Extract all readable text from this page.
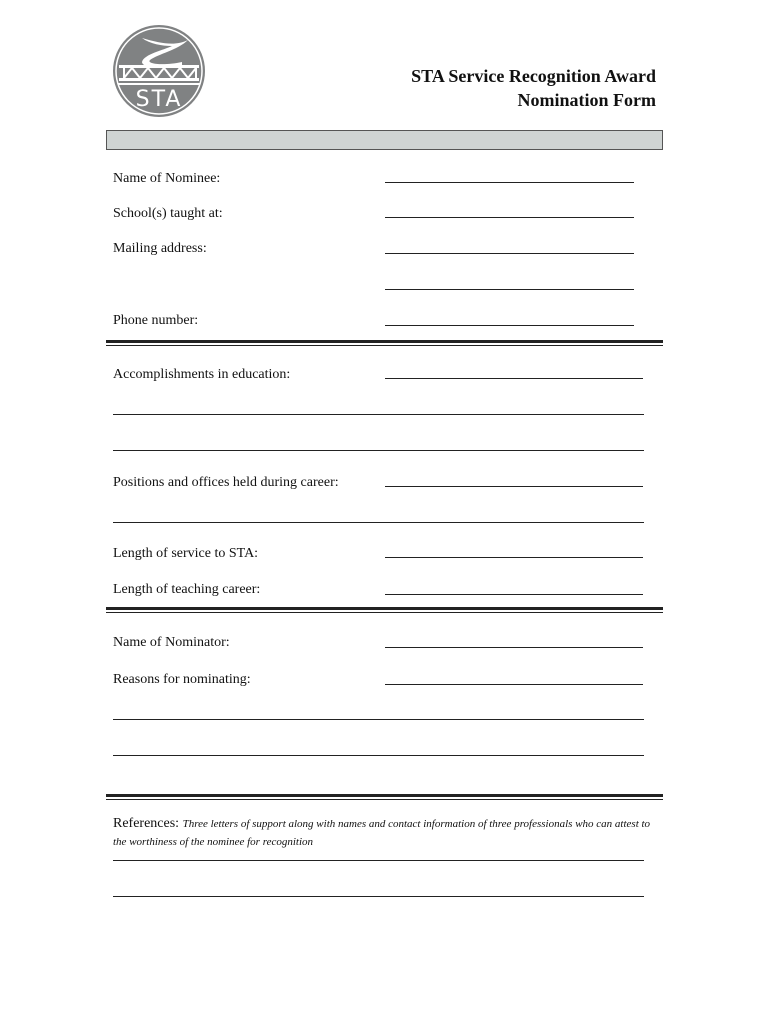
STA
STA Service Recognition Award
Nomination Form
Name of Nominee:
School(s) taught at:
Mailing address:
Phone number:
Accomplishments in education:
Positions and offices held during career:
Length of service to STA:
Length of teaching career:
Name of Nominator:
Reasons for nominating:
References: Three letters of support along with names and contact information of three professionals who can attest to the worthiness of the nominee for recognition
